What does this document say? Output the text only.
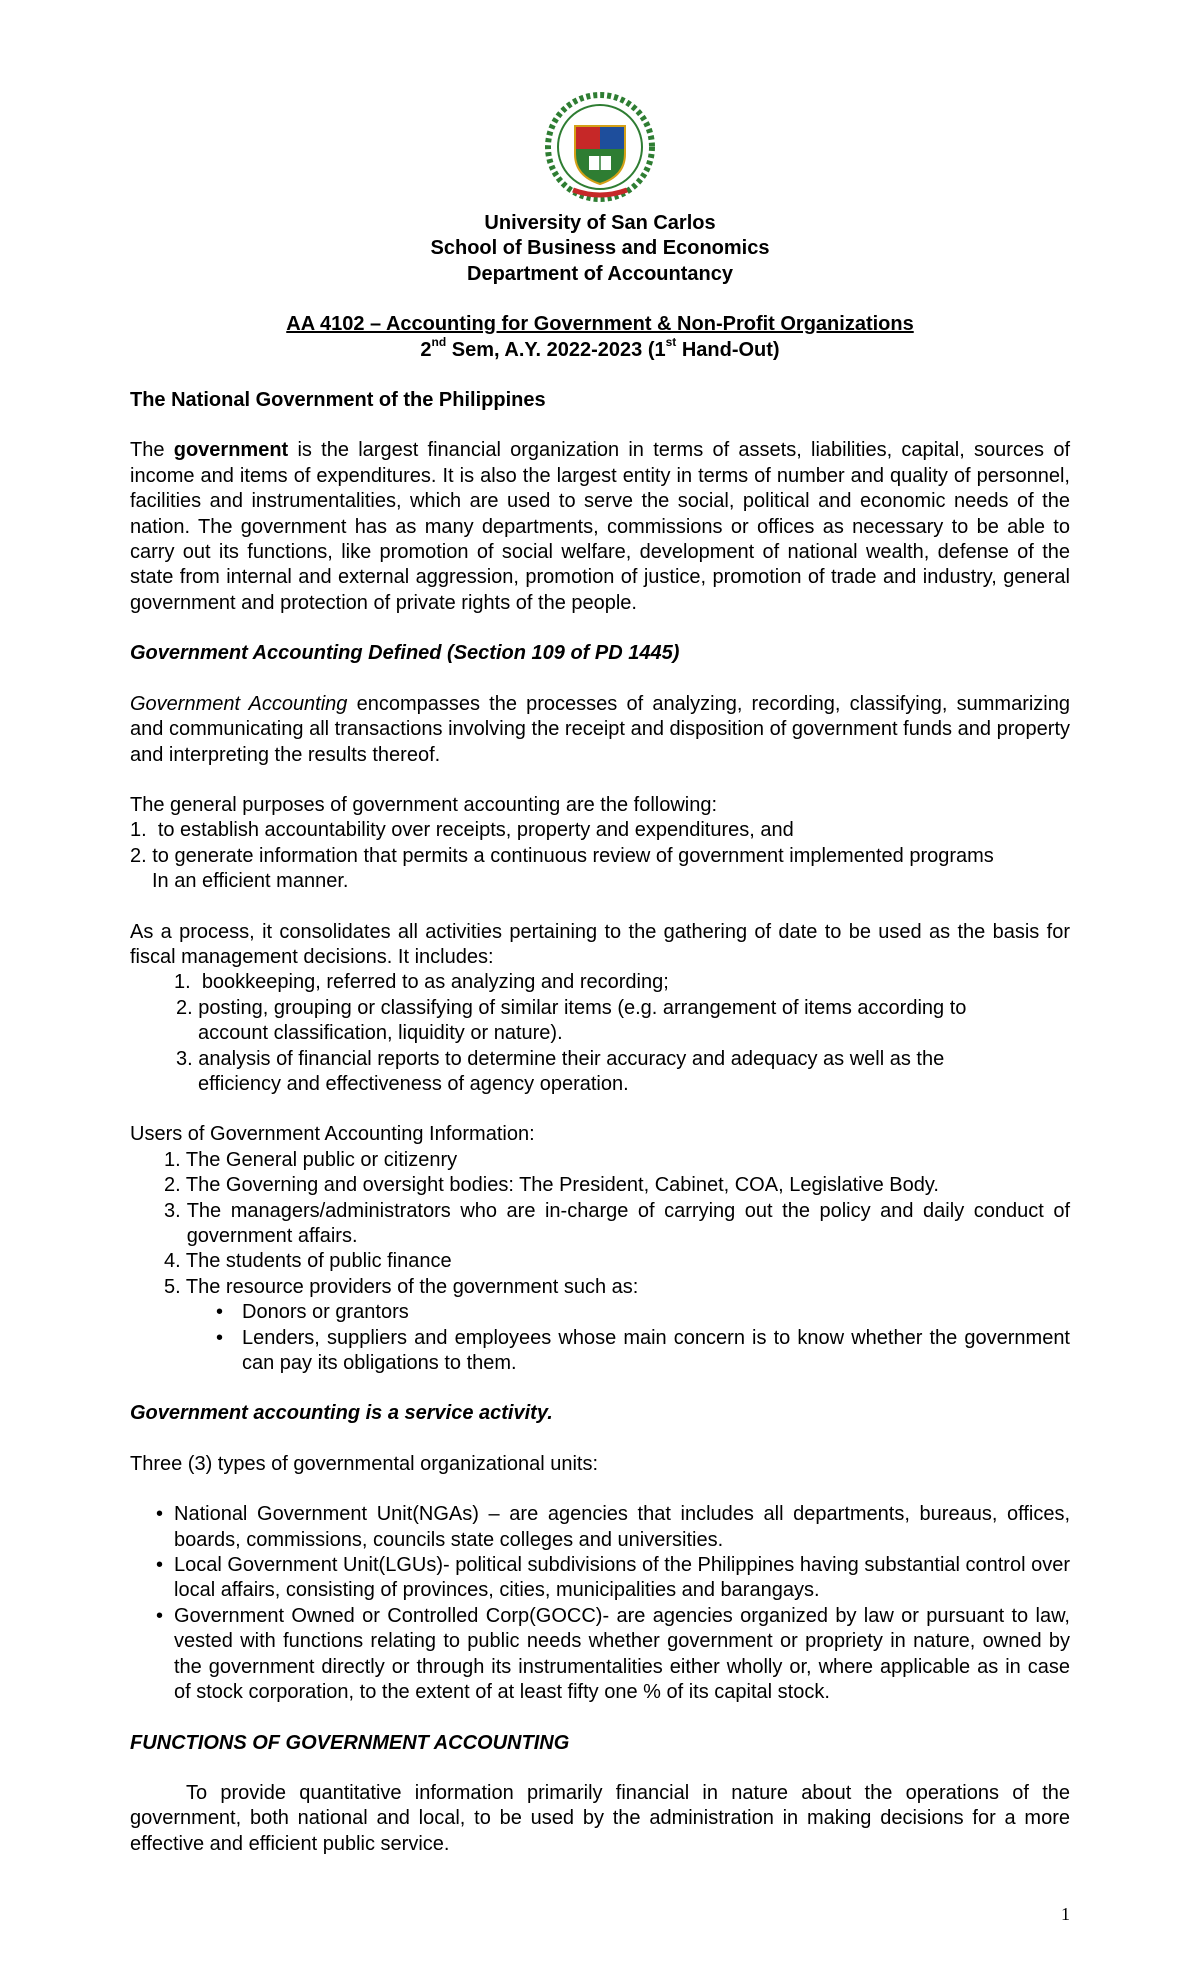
University of San Carlos
School of Business and Economics
Department of Accountancy
AA 4102 – Accounting for Government & Non-Profit Organizations
2nd Sem, A.Y. 2022-2023 (1st Hand-Out)

The National Government of the Philippines

The government is the largest financial organization in terms of assets, liabilities, capital, sources of income and items of expenditures. It is also the largest entity in terms of number and quality of personnel, facilities and instrumentalities, which are used to serve the social, political and economic needs of the nation. The government has as many departments, commissions or offices as necessary to be able to carry out its functions, like promotion of social welfare, development of national wealth, defense of the state from internal and external aggression, promotion of justice, promotion of trade and industry, general government and protection of private rights of the people.

Government Accounting Defined (Section 109 of PD 1445)

Government Accounting encompasses the processes of analyzing, recording, classifying, summarizing and communicating all transactions involving the receipt and disposition of government funds and property and interpreting the results thereof.

The general purposes of government accounting are the following:

1. to establish accountability over receipts, property and expenditures, and
2. to generate information that permits a continuous review of government implemented programs
In an efficient manner.

As a process, it consolidates all activities pertaining to the gathering of date to be used as the basis for fiscal management decisions. It includes:

1. bookkeeping, referred to as analyzing and recording;
2. posting, grouping or classifying of similar items (e.g. arrangement of items according to
account classification, liquidity or nature).
3. analysis of financial reports to determine their accuracy and adequacy as well as the
efficiency and effectiveness of agency operation.

Users of Government Accounting Information:

1. The General public or citizenry
2. The Governing and oversight bodies: The President, Cabinet, COA, Legislative Body.
3. The managers/administrators who are in-charge of carrying out the policy and daily conduct of government affairs.
4. The students of public finance
5. The resource providers of the government such as:
• Donors or grantors
• Lenders, suppliers and employees whose main concern is to know whether the government can pay its obligations to them.

Government accounting is a service activity.

Three (3) types of governmental organizational units:

• National Government Unit(NGAs) – are agencies that includes all departments, bureaus, offices, boards, commissions, councils state colleges and universities.
• Local Government Unit(LGUs)- political subdivisions of the Philippines having substantial control over local affairs, consisting of provinces, cities, municipalities and barangays.
• Government Owned or Controlled Corp(GOCC)- are agencies organized by law or pursuant to law, vested with functions relating to public needs whether government or propriety in nature, owned by the government directly or through its instrumentalities either wholly or, where applicable as in case of stock corporation, to the extent of at least fifty one % of its capital stock.

FUNCTIONS OF GOVERNMENT ACCOUNTING

To provide quantitative information primarily financial in nature about the operations of the government, both national and local, to be used by the administration in making decisions for a more effective and efficient public service.

1
